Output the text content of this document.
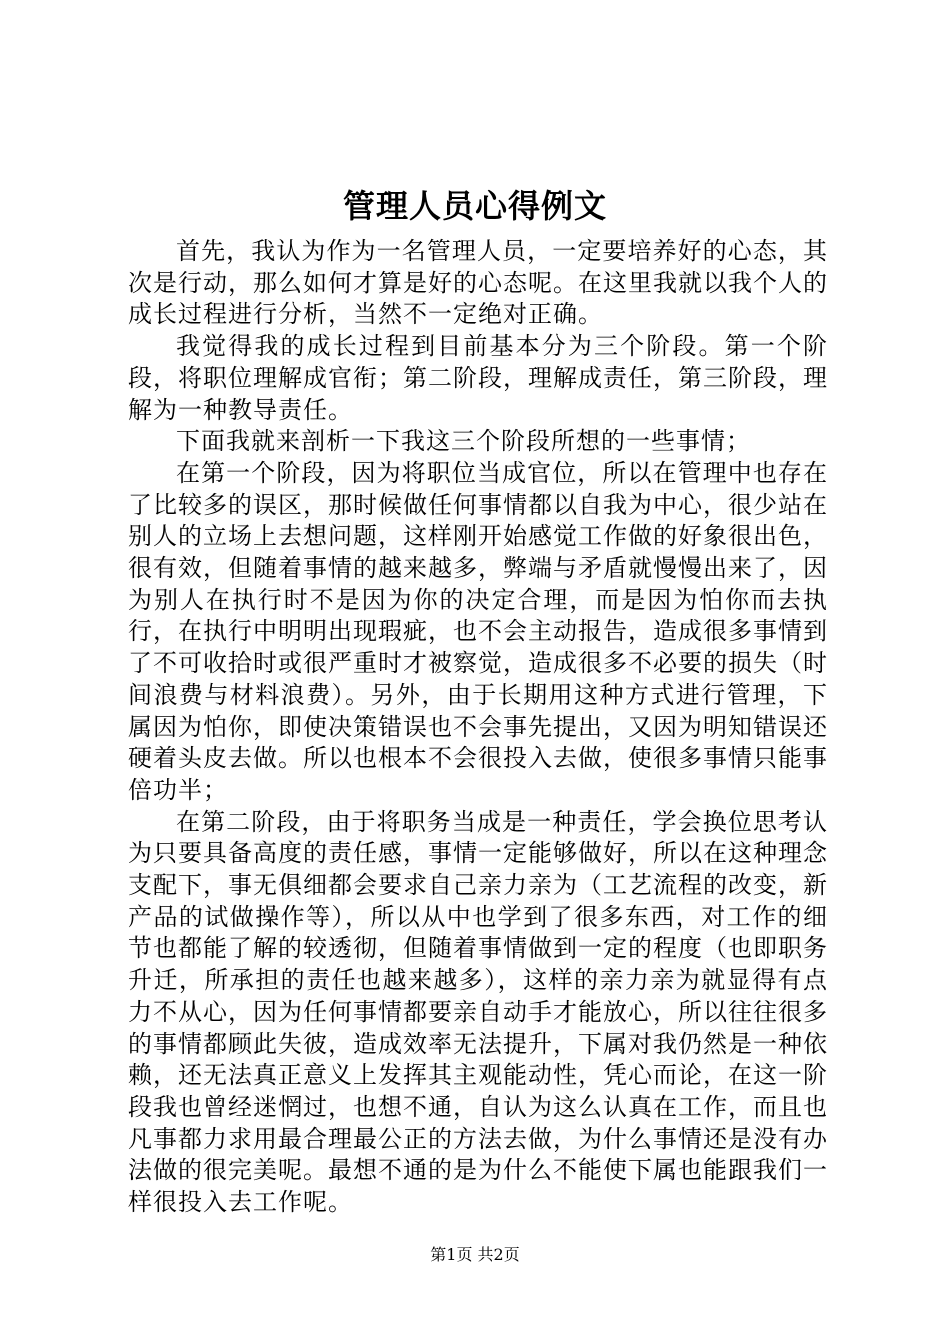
管理人员心得例文

首先，我认为作为一名管理人员，一定要培养好的心态，其次是行动，那么如何才算是好的心态呢。在这里我就以我个人的成长过程进行分析，当然不一定绝对正确。

我觉得我的成长过程到目前基本分为三个阶段。第一个阶段，将职位理解成官衔；第二阶段，理解成责任，第三阶段，理解为一种教导责任。

下面我就来剖析一下我这三个阶段所想的一些事情；

在第一个阶段，因为将职位当成官位，所以在管理中也存在了比较多的误区，那时候做任何事情都以自我为中心，很少站在别人的立场上去想问题，这样刚开始感觉工作做的好象很出色，很有效，但随着事情的越来越多，弊端与矛盾就慢慢出来了，因为别人在执行时不是因为你的决定合理，而是因为怕你而去执行，在执行中明明出现瑕疵，也不会主动报告，造成很多事情到了不可收拾时或很严重时才被察觉，造成很多不必要的损失（时间浪费与材料浪费）。另外，由于长期用这种方式进行管理，下属因为怕你，即使决策错误也不会事先提出，又因为明知错误还硬着头皮去做。所以也根本不会很投入去做，使很多事情只能事倍功半；

在第二阶段，由于将职务当成是一种责任，学会换位思考认为只要具备高度的责任感，事情一定能够做好，所以在这种理念支配下，事无俱细都会要求自己亲力亲为（工艺流程的改变，新产品的试做操作等），所以从中也学到了很多东西，对工作的细节也都能了解的较透彻，但随着事情做到一定的程度（也即职务升迁，所承担的责任也越来越多），这样的亲力亲为就显得有点力不从心，因为任何事情都要亲自动手才能放心，所以往往很多的事情都顾此失彼，造成效率无法提升，下属对我仍然是一种依赖，还无法真正意义上发挥其主观能动性，凭心而论，在这一阶段我也曾经迷惘过，也想不通，自认为这么认真在工作，而且也凡事都力求用最合理最公正的方法去做，为什么事情还是没有办法做的很完美呢。最想不通的是为什么不能使下属也能跟我们一样很投入去工作呢。

第1页 共2页
